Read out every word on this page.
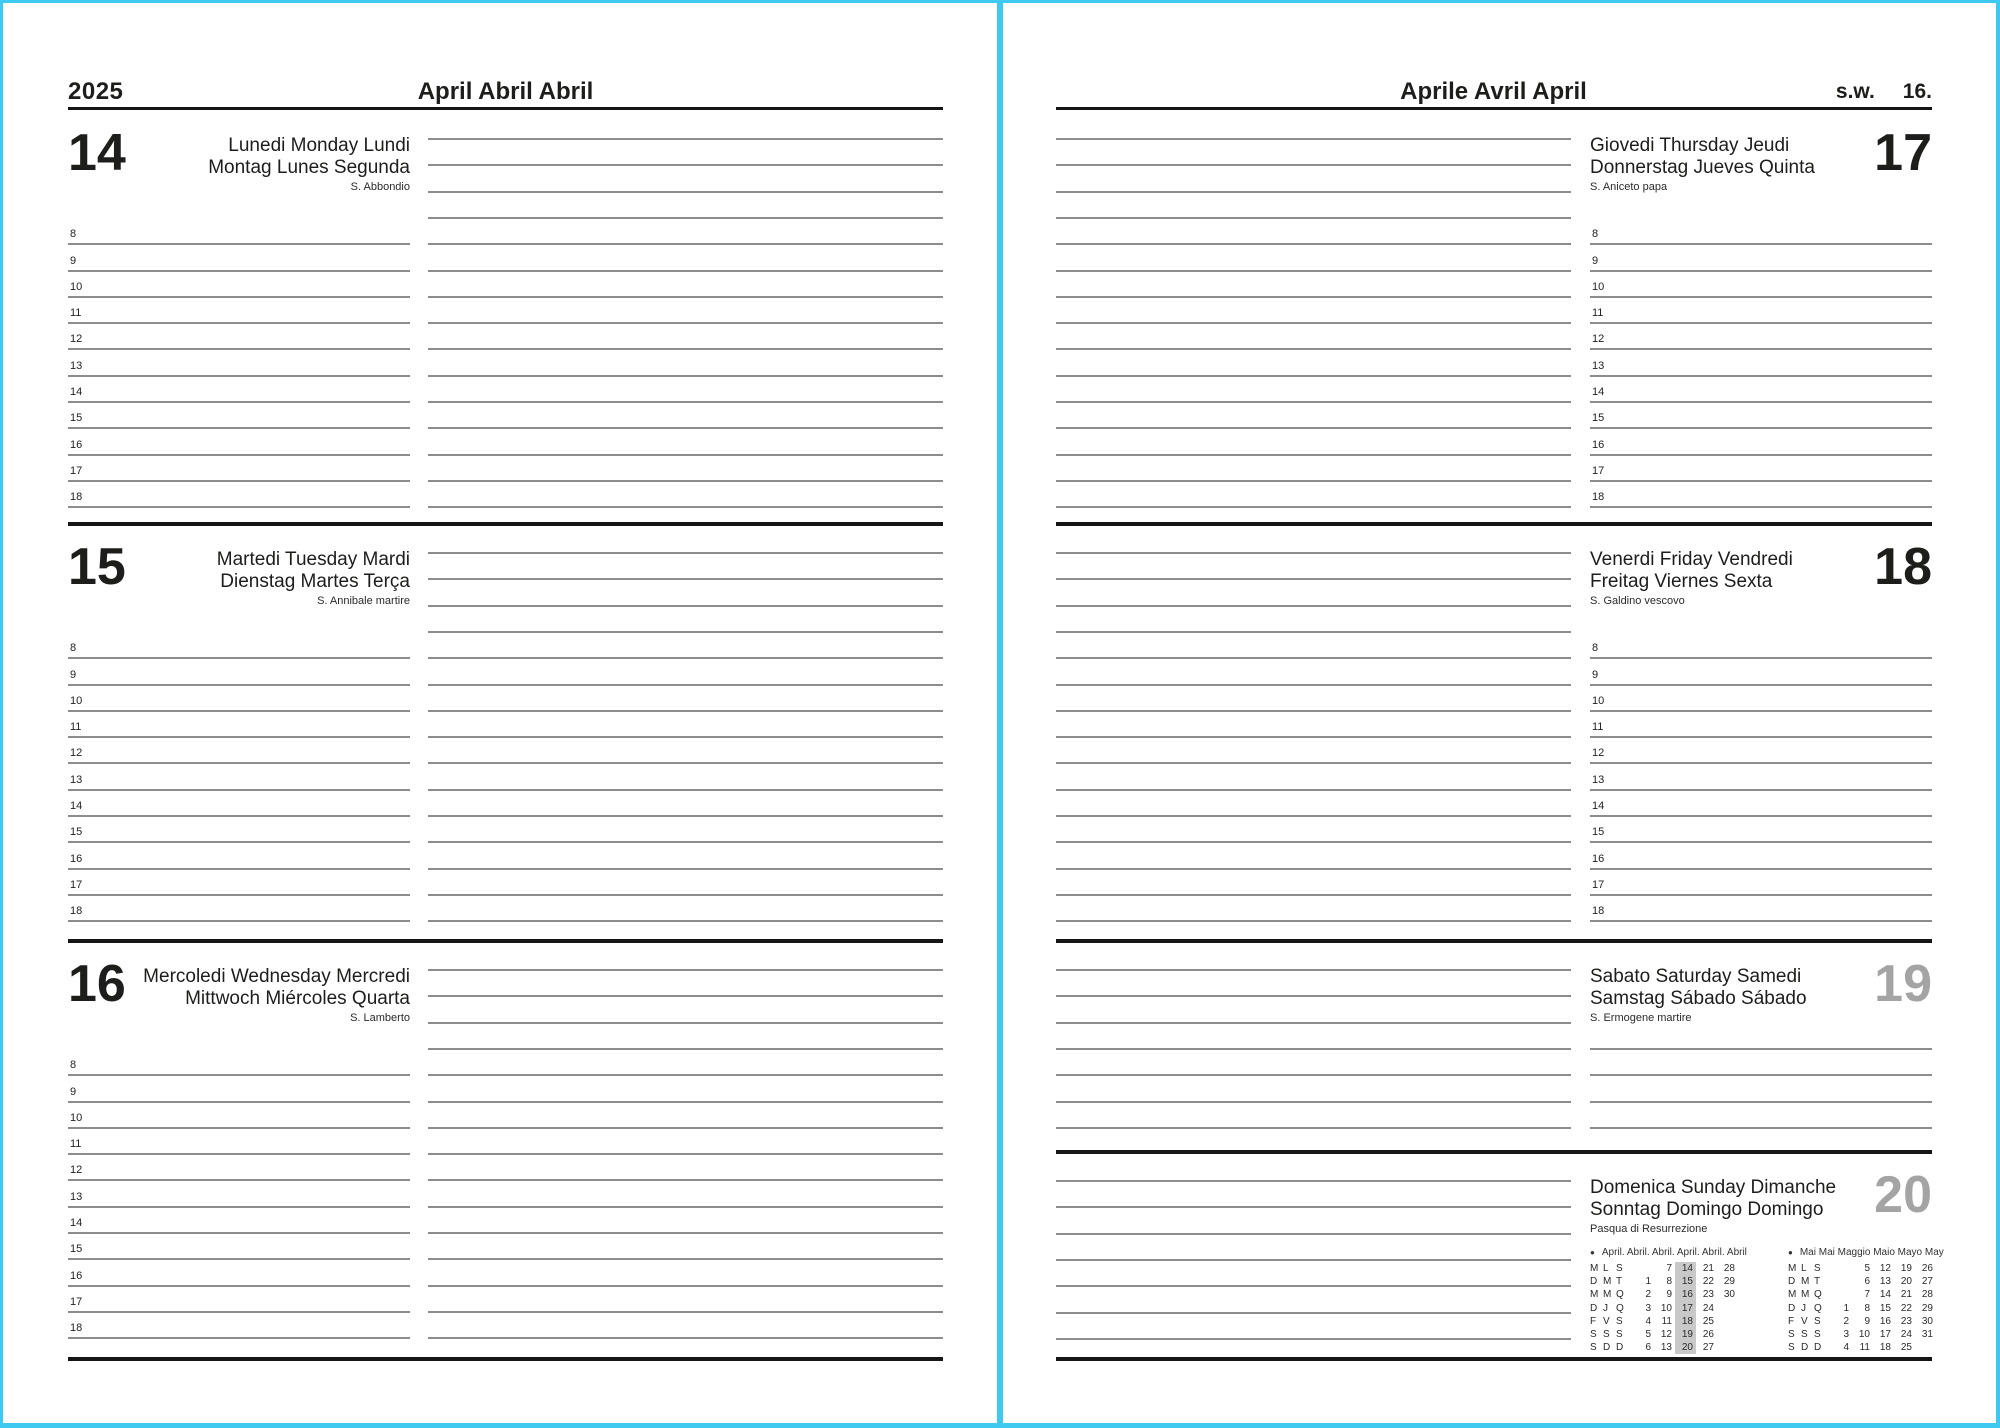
2025	April Abril Abril	Aprile Avril April	s.w. 16.
14	Lunedi Monday Lundi
Montag Lunes Segunda
S. Abbondio
8
9
10
11
12
13
14
15
16
17
18
15	Martedi Tuesday Mardi
Dienstag Martes Terça
S. Annibale martire
8
9
10
11
12
13
14
15
16
17
18
16 Mercoledi Wednesday Mercredi
Mittwoch Miércoles Quarta
S. Lamberto
8
9
10
11
12
13
14
15
16
17
18
17
Giovedi Thursday Jeudi
Donnerstag Jueves Quinta
S. Aniceto papa
8
9
10
11
12
13
14
15
16
17
18
18
Venerdi Friday Vendredi
Freitag Viernes Sexta
S. Galdino vescovo
8
9
10
11
12
13
14
15
16
17
18
19
Sabato Saturday Samedi
Samstag Sábado Sábado
S. Ermogene martire
20
Domenica Sunday Dimanche
Sonntag Domingo Domingo
Pasqua di Resurrezione
● April. Abril. Abril. April. Abril. Abril
M L S	7 14 21 28
D M T	1	8 15 22 29
M M Q	2	9 16 23 30
D J Q	3 10 17 24
F V S	4	11 18 25
S S S	5 12 19 26
S D D	6 13 20 27
● Mai Mai Maggio Maio Mayo May
M L S	5 12 19 26
D M T	6 13 20 27
M M Q	7 14 21 28
D J Q	1	8 15 22 29
F V S	2	9 16 23 30
S S S	3 10 17 24 31
S D D	4	11 18 25
